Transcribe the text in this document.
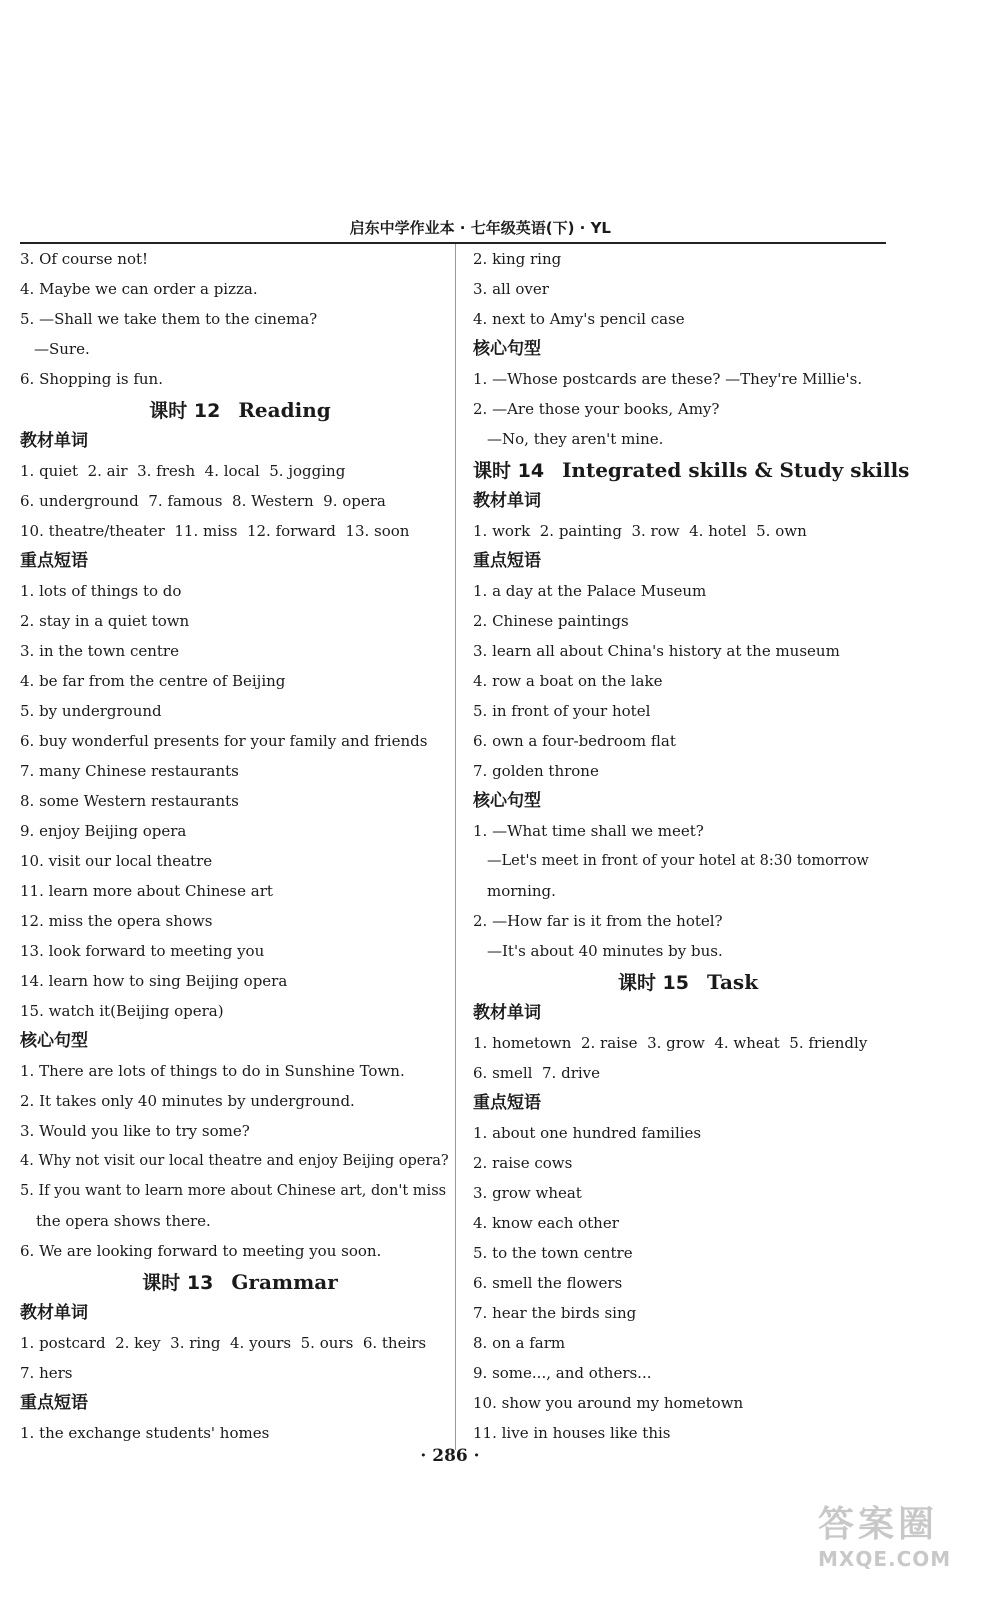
启东中学作业本 · 七年级英语(下) · YL
3. Of course not!
4. Maybe we can order a pizza.
5. —Shall we take them to the cinema?
—Sure.
6. Shopping is fun.
课时 12 Reading
教材单词
1. quiet  2. air  3. fresh  4. local  5. jogging
6. underground  7. famous  8. Western  9. opera
10. theatre/theater  11. miss  12. forward  13. soon
重点短语
1. lots of things to do
2. stay in a quiet town
3. in the town centre
4. be far from the centre of Beijing
5. by underground
6. buy wonderful presents for your family and friends
7. many Chinese restaurants
8. some Western restaurants
9. enjoy Beijing opera
10. visit our local theatre
11. learn more about Chinese art
12. miss the opera shows
13. look forward to meeting you
14. learn how to sing Beijing opera
15. watch it(Beijing opera)
核心句型
1. There are lots of things to do in Sunshine Town.
2. It takes only 40 minutes by underground.
3. Would you like to try some?
4. Why not visit our local theatre and enjoy Beijing opera?
5. If you want to learn more about Chinese art, don't miss
the opera shows there.
6. We are looking forward to meeting you soon.
课时 13 Grammar
教材单词
1. postcard  2. key  3. ring  4. yours  5. ours  6. theirs
7. hers
重点短语
1. the exchange students' homes
2. king ring
3. all over
4. next to Amy's pencil case
核心句型
1. —Whose postcards are these? —They're Millie's.
2. —Are those your books, Amy?
—No, they aren't mine.
课时 14 Integrated skills & Study skills
教材单词
1. work  2. painting  3. row  4. hotel  5. own
重点短语
1. a day at the Palace Museum
2. Chinese paintings
3. learn all about China's history at the museum
4. row a boat on the lake
5. in front of your hotel
6. own a four-bedroom flat
7. golden throne
核心句型
1. —What time shall we meet?
—Let's meet in front of your hotel at 8:30 tomorrow
morning.
2. —How far is it from the hotel?
—It's about 40 minutes by bus.
课时 15 Task
教材单词
1. hometown  2. raise  3. grow  4. wheat  5. friendly
6. smell  7. drive
重点短语
1. about one hundred families
2. raise cows
3. grow wheat
4. know each other
5. to the town centre
6. smell the flowers
7. hear the birds sing
8. on a farm
9. some..., and others...
10. show you around my hometown
11. live in houses like this
· 286 ·
答案圈
MXQE.COM
